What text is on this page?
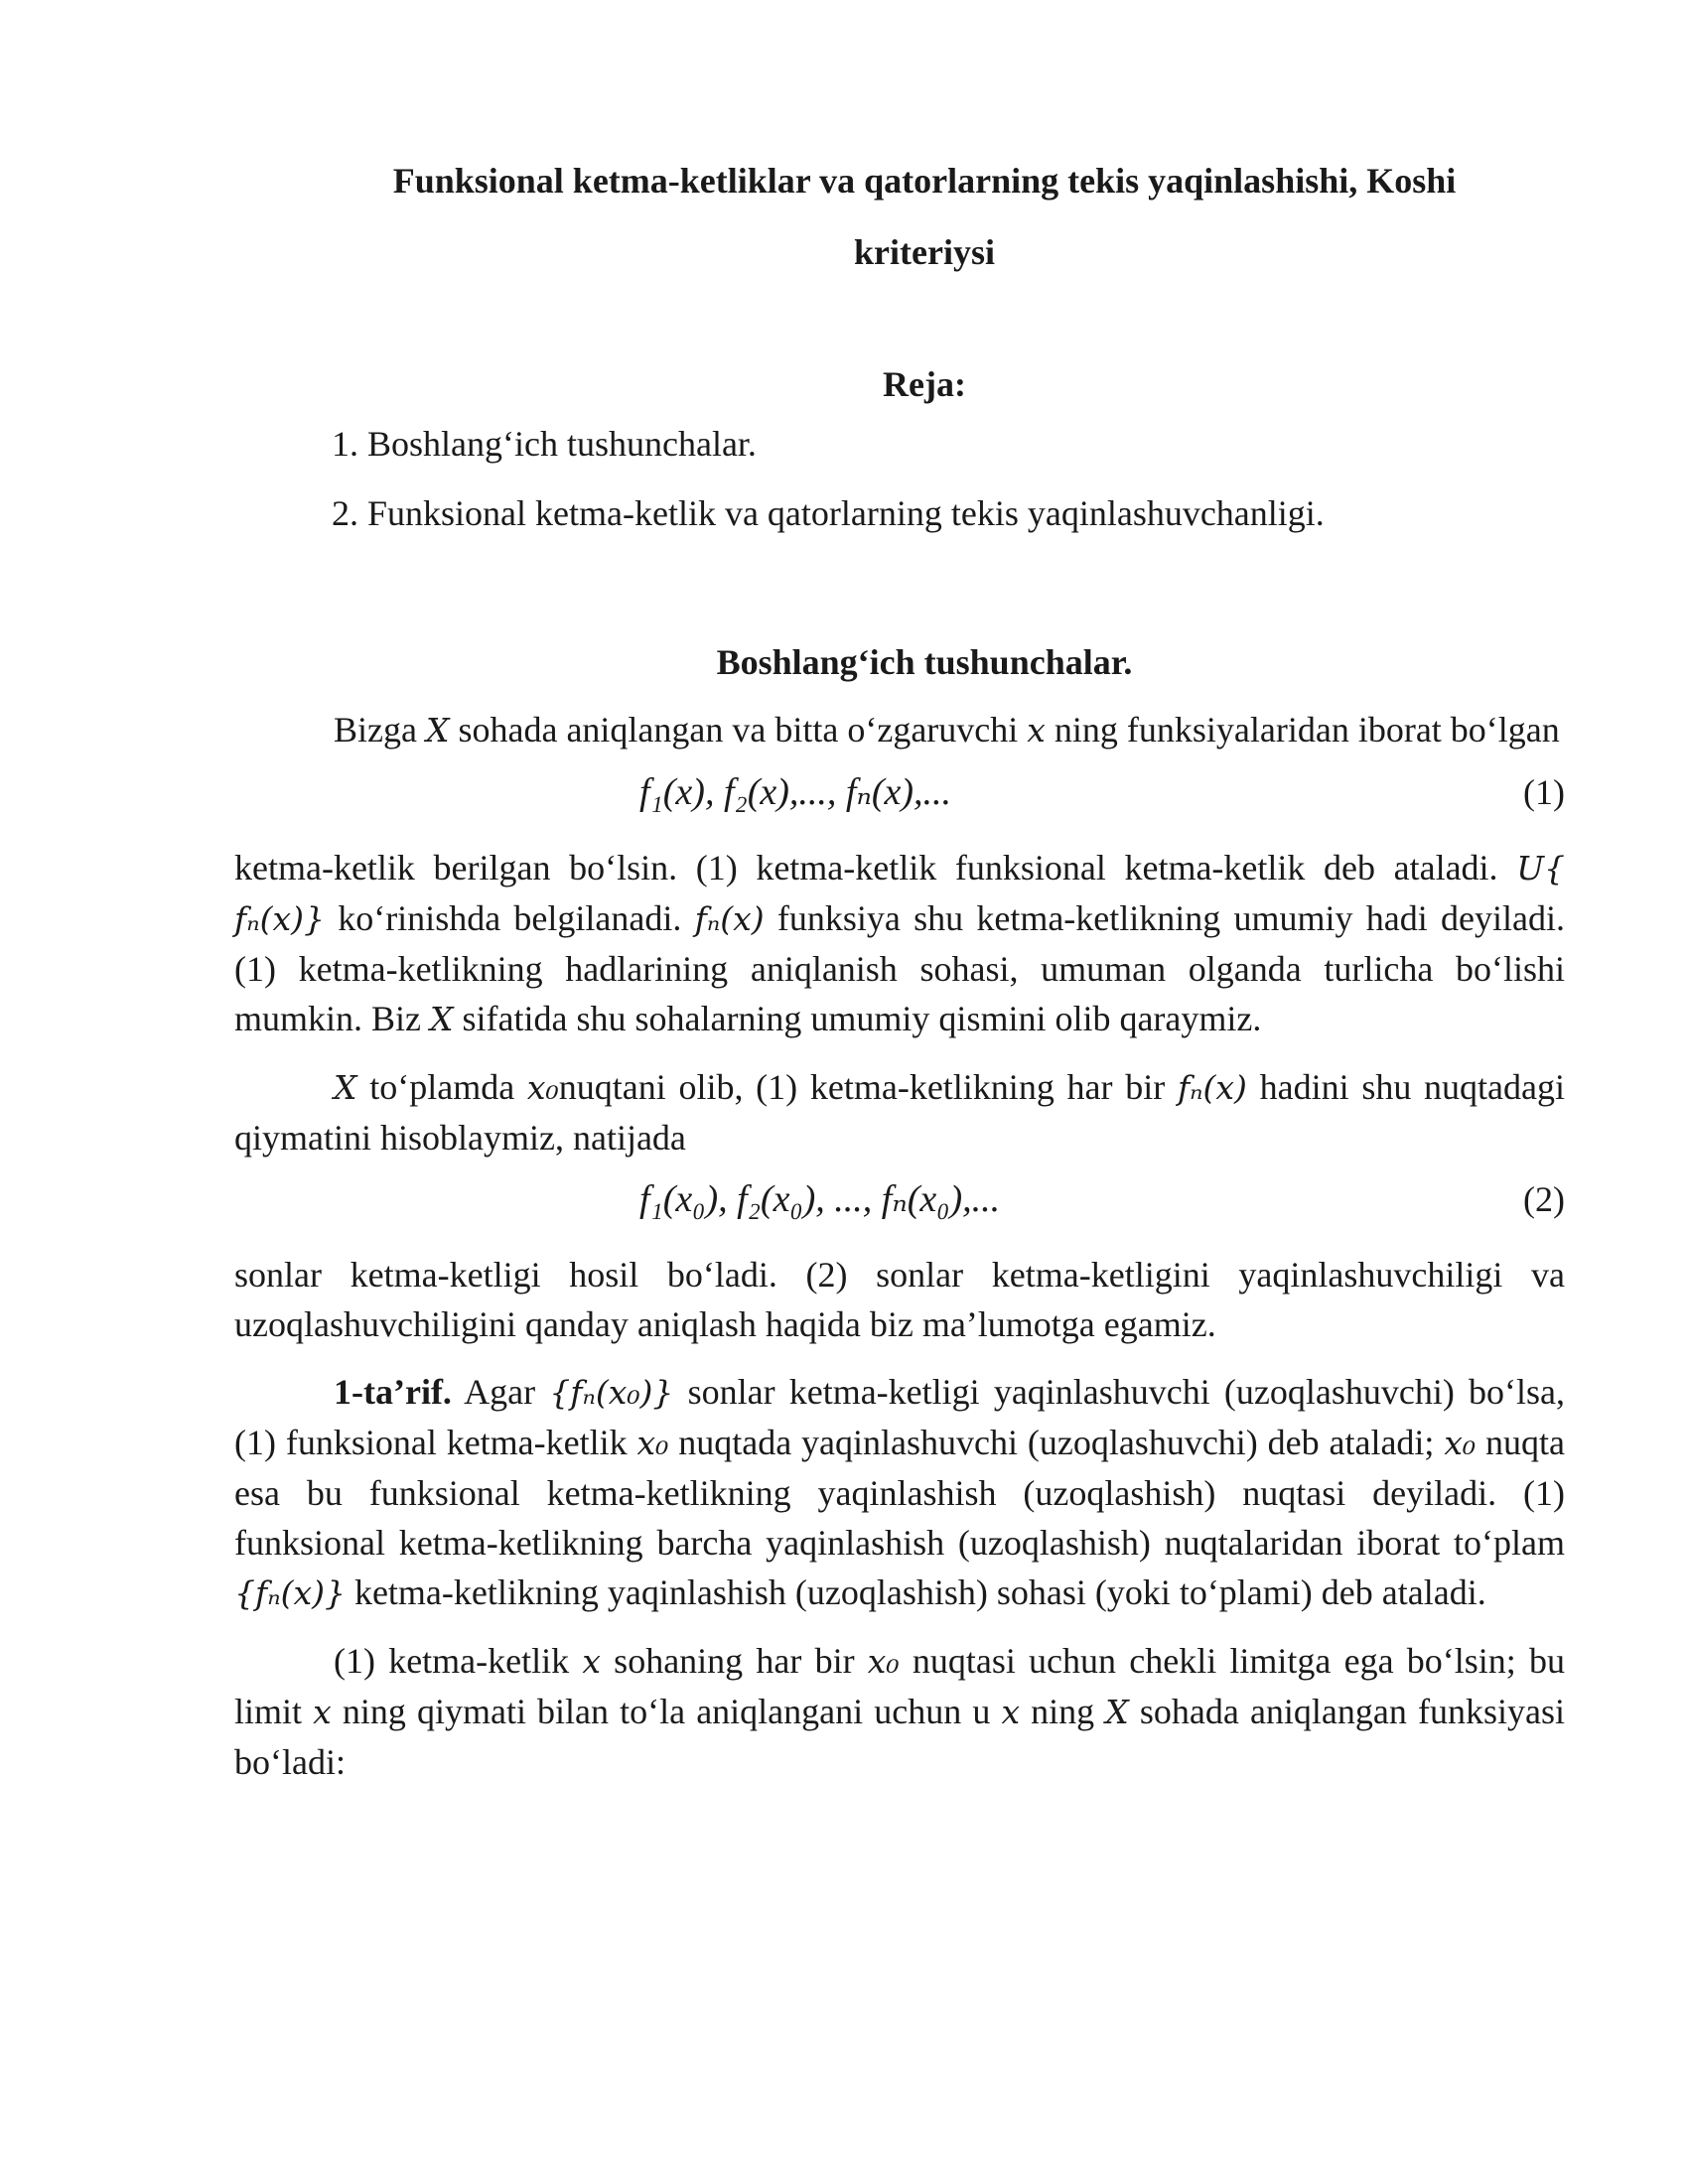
Funksional ketma-ketliklar va qatorlarning tekis yaqinlashishi, Koshi
kriteriysi
Reja:
1. Boshlang‘ich tushunchalar.
2. Funksional ketma-ketlik va qatorlarning tekis yaqinlashuvchanligi.
Boshlang‘ich tushunchalar.

Bizga X sohada aniqlangan va bitta o‘zgaruvchi x ning funksiyalaridan iborat bo‘lgan

f₁(x), f₂(x),..., fₙ(x),...	(1)

ketma-ketlik berilgan bo‘lsin. (1) ketma-ketlik funksional ketma-ketlik deb ataladi. U{ fₙ(x)} ko‘rinishda belgilanadi. fₙ(x) funksiya shu ketma-ketlikning umumiy hadi deyiladi. (1) ketma-ketlikning hadlarining aniqlanish sohasi, umuman olganda turlicha bo‘lishi mumkin. Biz X sifatida shu sohalarning umumiy qismini olib qaraymiz.

X to‘plamda x₀nuqtani olib, (1) ketma-ketlikning har bir fₙ(x) hadini shu nuqtadagi qiymatini hisoblaymiz, natijada

f₁(x₀), f₂(x₀), ..., fₙ(x₀),...	(2)

sonlar ketma-ketligi hosil bo‘ladi. (2) sonlar ketma-ketligini yaqinlashuvchiligi va uzoqlashuvchiligini qanday aniqlash haqida biz ma’lumotga egamiz.

1-ta’rif. Agar {fₙ(x₀)} sonlar ketma-ketligi yaqinlashuvchi (uzoqlashuvchi) bo‘lsa, (1) funksional ketma-ketlik x₀ nuqtada yaqinlashuvchi (uzoqlashuvchi) deb ataladi; x₀ nuqta esa bu funksional ketma-ketlikning yaqinlashish (uzoqlashish) nuqtasi deyiladi. (1) funksional ketma-ketlikning barcha yaqinlashish (uzoqlashish) nuqtalaridan iborat to‘plam {fₙ(x)} ketma-ketlikning yaqinlashish (uzoqlashish) sohasi (yoki to‘plami) deb ataladi.

(1) ketma-ketlik x sohaning har bir x₀ nuqtasi uchun chekli limitga ega bo‘lsin; bu limit x ning qiymati bilan to‘la aniqlangani uchun u x ning X sohada aniqlangan funksiyasi bo‘ladi:
